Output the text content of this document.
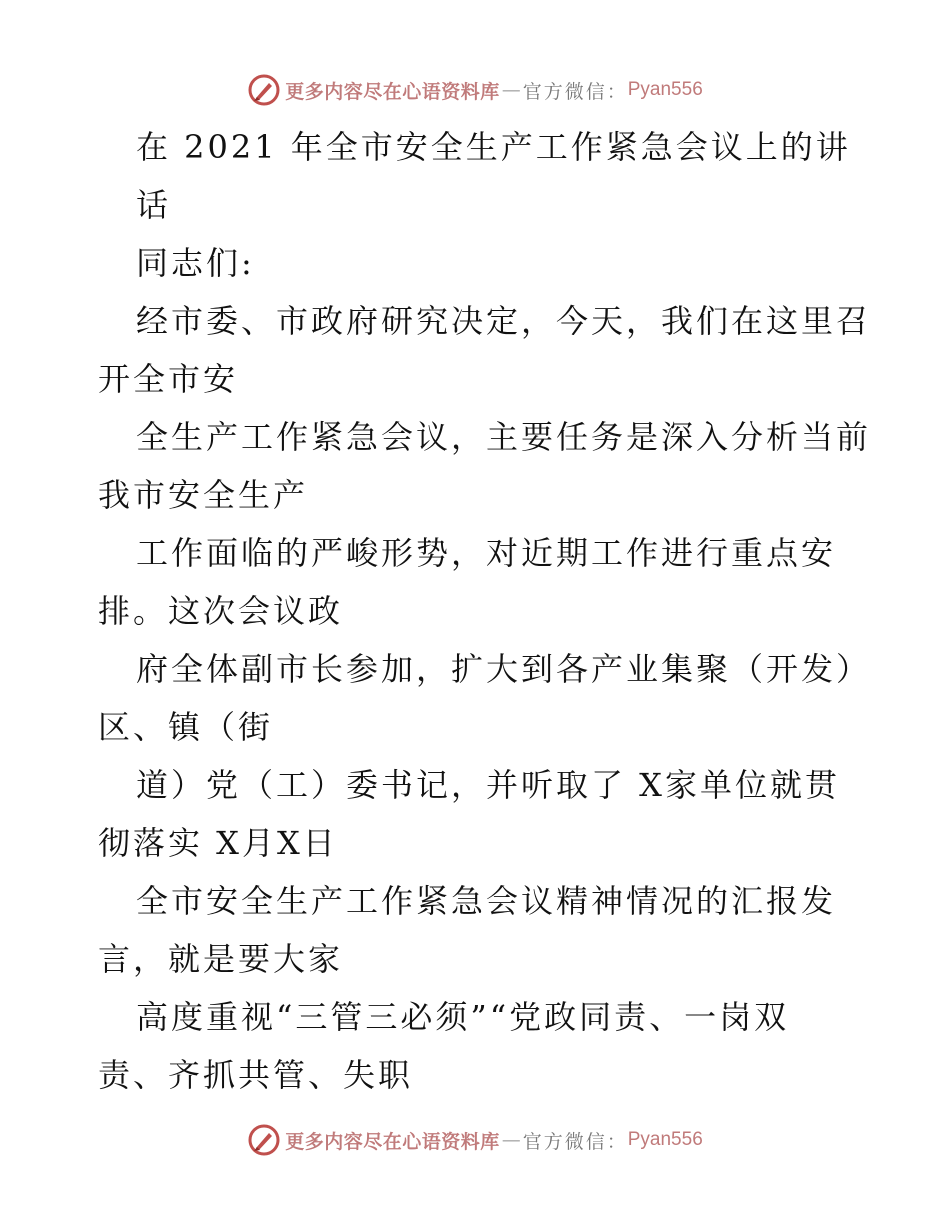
更多内容尽在心语资料库 — 官方微信： Pyan556
在 2021 年全市安全生产工作紧急会议上的讲
话
同志们:
经市委、市政府研究决定，今天，我们在这里召
开全市安
全生产工作紧急会议，主要任务是深入分析当前
我市安全生产
工作面临的严峻形势，对近期工作进行重点安
排。这次会议政
府全体副市长参加，扩大到各产业集聚（开发）
区、镇（街
道）党（工）委书记，并听取了 X家单位就贯
彻落实 X月X日
全市安全生产工作紧急会议精神情况的汇报发
言，就是要大家
高度重视“三管三必须”“党政同责、一岗双
责、齐抓共管、失职
更多内容尽在心语资料库 — 官方微信： Pyan556
